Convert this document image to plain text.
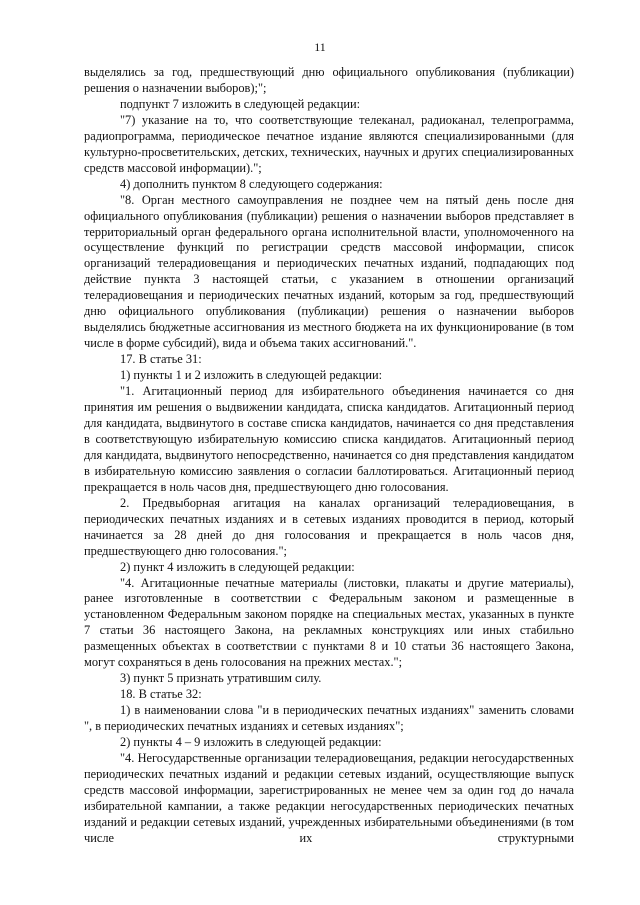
11

выделялись за год, предшествующий дню официального опубликования (публикации) решения о назначении выборов);";

подпункт 7 изложить в следующей редакции:

"7) указание на то, что соответствующие телеканал, радиоканал, телепрограмма, радиопрограмма, периодическое печатное издание являются специализированными (для культурно-просветительских, детских, технических, научных и других специализированных средств массовой информации).";

4) дополнить пунктом 8 следующего содержания:

"8. Орган местного самоуправления не позднее чем на пятый день после дня официального опубликования (публикации) решения о назначении выборов представляет в территориальный орган федерального органа исполнительной власти, уполномоченного на осуществление функций по регистрации средств массовой информации, список организаций телерадиовещания и периодических печатных изданий, подпадающих под действие пункта 3 настоящей статьи, с указанием в отношении организаций телерадиовещания и периодических печатных изданий, которым за год, предшествующий дню официального опубликования (публикации) решения о назначении выборов выделялись бюджетные ассигнования из местного бюджета на их функционирование (в том числе в форме субсидий), вида и объема таких ассигнований.".

17. В статье 31:

1) пункты 1 и 2 изложить в следующей редакции:

"1. Агитационный период для избирательного объединения начинается со дня принятия им решения о выдвижении кандидата, списка кандидатов. Агитационный период для кандидата, выдвинутого в составе списка кандидатов, начинается со дня представления в соответствующую избирательную комиссию списка кандидатов. Агитационный период для кандидата, выдвинутого непосредственно, начинается со дня представления кандидатом в избирательную комиссию заявления о согласии баллотироваться. Агитационный период прекращается в ноль часов дня, предшествующего дню голосования.

2. Предвыборная агитация на каналах организаций телерадиовещания, в периодических печатных изданиях и в сетевых изданиях проводится в период, который начинается за 28 дней до дня голосования и прекращается в ноль часов дня, предшествующего дню голосования.";

2) пункт 4 изложить в следующей редакции:

"4. Агитационные печатные материалы (листовки, плакаты и другие материалы), ранее изготовленные в соответствии с Федеральным законом и размещенные в установленном Федеральным законом порядке на специальных местах, указанных в пункте 7 статьи 36 настоящего Закона, на рекламных конструкциях или иных стабильно размещенных объектах в соответствии с пунктами 8 и 10 статьи 36 настоящего Закона, могут сохраняться в день голосования на прежних местах.";

3) пункт 5 признать утратившим силу.

18. В статье 32:

1) в наименовании слова "и в периодических печатных изданиях" заменить словами ", в периодических печатных изданиях и сетевых изданиях";

2) пункты 4 – 9 изложить в следующей редакции:

"4. Негосударственные организации телерадиовещания, редакции негосударственных периодических печатных изданий и редакции сетевых изданий, осуществляющие выпуск средств массовой информации, зарегистрированных не менее чем за один год до начала избирательной кампании, а также редакции негосударственных периодических печатных изданий и редакции сетевых изданий, учрежденных избирательными объединениями (в том числе их структурными
